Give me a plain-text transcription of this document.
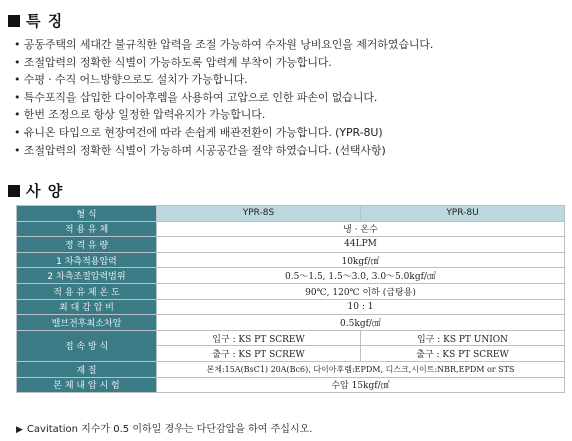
특 징
• 공동주택의 세대간 불규칙한 압력을 조절 가능하여 수자원 낭비요인을 제거하였습니다.
• 조절압력의 정확한 식별이 가능하도록 압력계 부착이 가능합니다.
• 수평 · 수직 어느방향으로도 설치가 가능합니다.
• 특수포직을 삽입한 다이아후렘을 사용하여 고압으로 인한 파손이 없습니다.
• 한번 조정으로 항상 일정한 압력유지가 가능합니다.
• 유니온 타입으로 현장여건에 따라 손쉽게 배관전환이 가능합니다. (YPR-8U)
• 조절압력의 정확한 식별이 가능하며 시공공간을 절약 하였습니다. (선택사항)
사 양
형 식	YPR-8S	YPR-8U
적 용 유 체	냉 · 온수	
정 격 유 량	44LPM	
1 차측적용압력	10kgf/㎠	
2 차측조절압력범위	0.5～1.5, 1.5～3.0, 3.0～5.0kgf/㎠	
적 용 유 체 온 도	90℃, 120℃ 이하 (급탕용)	
최 대 감 압 비	10 : 1	
밸브전후최소차압	0.5kgf/㎠	
접 속 방 식	입구 : KS PT SCREW	입구 : KS PT UNION
	출구 : KS PT SCREW	출구 : KS PT SCREW
재 질	본체:15A(BsC1) 20A(Bc6), 다이아후렘:EPDM, 디스크,시이트:NBR,EPDM or STS	
본 체 내 압 시 험	수압 15kgf/㎠	
▶ Cavitation 지수가 0.5 이하일 경우는 다단감압을 하여 주십시오.
